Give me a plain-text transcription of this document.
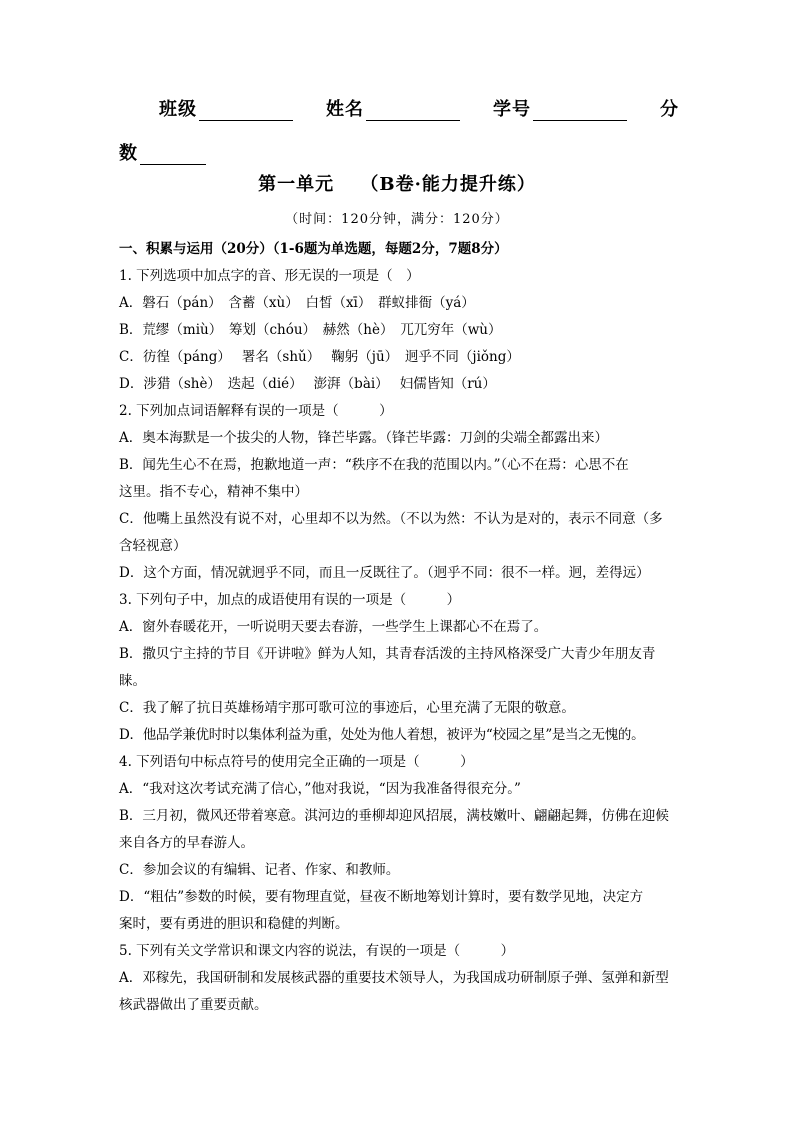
班级	姓名	学号	分
数
第一单元　 （B卷·能力提升练）
（时间：120分钟，满分：120分）
一、积累与运用（20分）（1-6题为单选题，每题2分，7题8分）
1. 下列选项中加点字的音、形无误的一项是（　）
A．磐石（pán）　含蓄（xù）　白皙（xī）　群蚁排衙（yá）
B．荒缪（miù）　筹划（chóu）　赫然（hè）　兀兀穷年（wù）
C．彷徨（páng）　 署名（shǔ）　 鞠躬（jū）　迥乎不同（jiǒng）
D．涉猎（shè）　迭起（dié）　 澎湃（bài）　 妇儒皆知（rú）
2. 下列加点词语解释有误的一项是（　　　）
A．奥本海默是一个拔尖的人物，锋芒毕露。（锋芒毕露：刀剑的尖端全都露出来）
B．闻先生心不在焉，抱歉地道一声：“秩序不在我的范围以内。”（心不在焉：心思不在
这里。指不专心，精神不集中）
C．他嘴上虽然没有说不对，心里却不以为然。（不以为然：不认为是对的，表示不同意（多
含轻视意）
D．这个方面，情况就迥乎不同，而且一反既往了。（迥乎不同：很不一样。迥，差得远）
3. 下列句子中，加点的成语使用有误的一项是（　　　）
A．窗外春暖花开，一听说明天要去春游，一些学生上课都心不在焉了。
B．撒贝宁主持的节目《开讲啦》鲜为人知，其青春活泼的主持风格深受广大青少年朋友青
睐。
C．我了解了抗日英雄杨靖宇那可歌可泣的事迹后，心里充满了无限的敬意。
D．他品学兼优时时以集体利益为重，处处为他人着想，被评为“校园之星”是当之无愧的。
4. 下列语句中标点符号的使用完全正确的一项是（　　　）
A．“我对这次考试充满了信心，”他对我说，“因为我准备得很充分。”
B．三月初，微风还带着寒意。淇河边的垂柳却迎风招展，满枝嫩叶、翩翩起舞，仿佛在迎候
来自各方的早春游人。
C．参加会议的有编辑、记者、作家、和教师。
D．“粗估”参数的时候，要有物理直觉，昼夜不断地筹划计算时，要有数学见地，决定方
案时，要有勇进的胆识和稳健的判断。
5. 下列有关文学常识和课文内容的说法，有误的一项是（　　　）
A．邓稼先，我国研制和发展核武器的重要技术领导人，为我国成功研制原子弹、氢弹和新型
核武器做出了重要贡献。
